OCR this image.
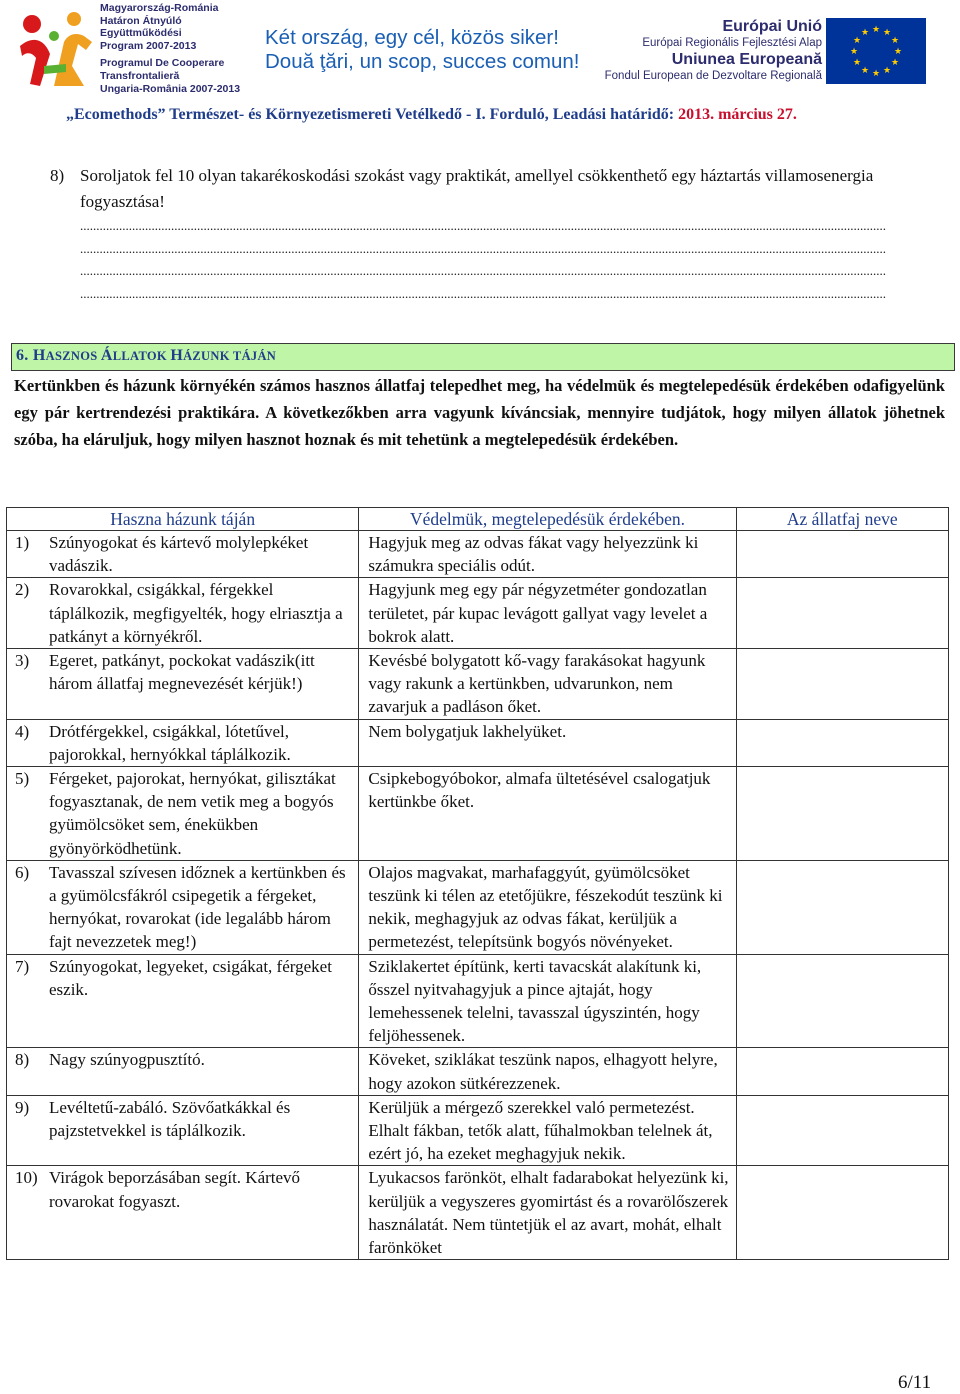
Magyarország-Románia
Határon Átnyúló Együttműködési
Program 2007-2013
Programul De Cooperare
Transfrontalieră
Ungaria-România 2007-2013
Két ország, egy cél, közös siker!
Două ţări, un scop, succes comun!
Európai Unió
Európai Regionális Fejlesztési Alap
Uniunea Europeană
Fondul European de Dezvoltare Regională
★ ★
★
★
★
★
★
★
★
★
★
★
„Ecomethods” Természet- és Környezetismereti Vetélkedő - I. Forduló, Leadási határidő: 2013. március 27.
8) Soroljatok fel 10 olyan takarékoskodási szokást vagy praktikát, amellyel csökkenthető egy háztartás villamosenergia fogyasztása!
........................................................................................................................................................................................................................................................
........................................................................................................................................................................................................................................................
........................................................................................................................................................................................................................................................
........................................................................................................................................................................................................................................................
6. HASZNOS ÁLLATOK HÁZUNK TÁJÁN
Kertünkben és házunk környékén számos hasznos állatfaj telepedhet meg, ha védelmük és megtelepedésük érdekében odafigyelünk egy pár kertrendezési praktikára. A következőkben arra vagyunk kíváncsiak, mennyire tudjátok, hogy milyen állatok jöhetnek szóba, ha eláruljuk, hogy milyen hasznot hoznak és mit tehetünk a megtelepedésük érdekében.
Haszna házunk táján	Védelmük, megtelepedésük érdekében.	Az állatfaj neve

1) Szúnyogokat és kártevő molylepkéket vadászik.	Hagyjuk meg az odvas fákat vagy helyezzünk ki számukra speciális odút.	

2) Rovarokkal, csigákkal, férgekkel táplálkozik, megfigyelték, hogy elriasztja a patkányt a környékről.	Hagyjunk meg egy pár négyzetméter gondozatlan területet, pár kupac levágott gallyat vagy levelet a bokrok alatt.	

3) Egeret, patkányt, pockokat vadászik(itt három állatfaj megnevezését kérjük!)	Kevésbé bolygatott kő-vagy farakásokat hagyunk vagy rakunk a kertünkben, udvarunkon, nem zavarjuk a padláson őket.	

4) Drótférgekkel, csigákkal, lótetűvel, pajorokkal, hernyókkal táplálkozik.	Nem bolygatjuk lakhelyüket.	

5) Férgeket, pajorokat, hernyókat, gilisztákat fogyasztanak, de nem vetik meg a bogyós gyümölcsöket sem, énekükben gyönyörködhetünk.	Csipkebogyóbokor, almafa ültetésével csalogatjuk kertünkbe őket.	

6) Tavasszal szívesen időznek a kertünkben és a gyümölcsfákról csipegetik a férgeket, hernyókat, rovarokat (ide legalább három fajt nevezzetek meg!)	Olajos magvakat, marhafaggyút, gyümölcsöket teszünk ki télen az etetőjükre, fészekodút teszünk ki nekik, meghagyjuk az odvas fákat, kerüljük a permetezést, telepítsünk bogyós növényeket.	

7) Szúnyogokat, legyeket, csigákat, férgeket eszik.	Sziklakertet építünk, kerti tavacskát alakítunk ki, ősszel nyitvahagyjuk a pince ajtaját, hogy lemehessenek telelni, tavasszal úgyszintén, hogy feljöhessenek.	

8) Nagy szúnyogpusztító.	Köveket, sziklákat teszünk napos, elhagyott helyre, hogy azokon sütkérezzenek.	

9) Levéltetű-zabáló. Szövőatkákkal és pajzstetvekkel is táplálkozik.	Kerüljük a mérgező szerekkel való permetezést. Elhalt fákban, tetők alatt, fűhalmokban telelnek át, ezért jó, ha ezeket meghagyjuk nekik.	

10) Virágok beporzásában segít. Kártevő rovarokat fogyaszt.	Lyukacsos farönköt, elhalt fadarabokat helyezünk ki, kerüljük a vegyszeres gyomirtást és a rovarölőszerek használatát. Nem tüntetjük el az avart, mohát, elhalt farönköket	

6/11
